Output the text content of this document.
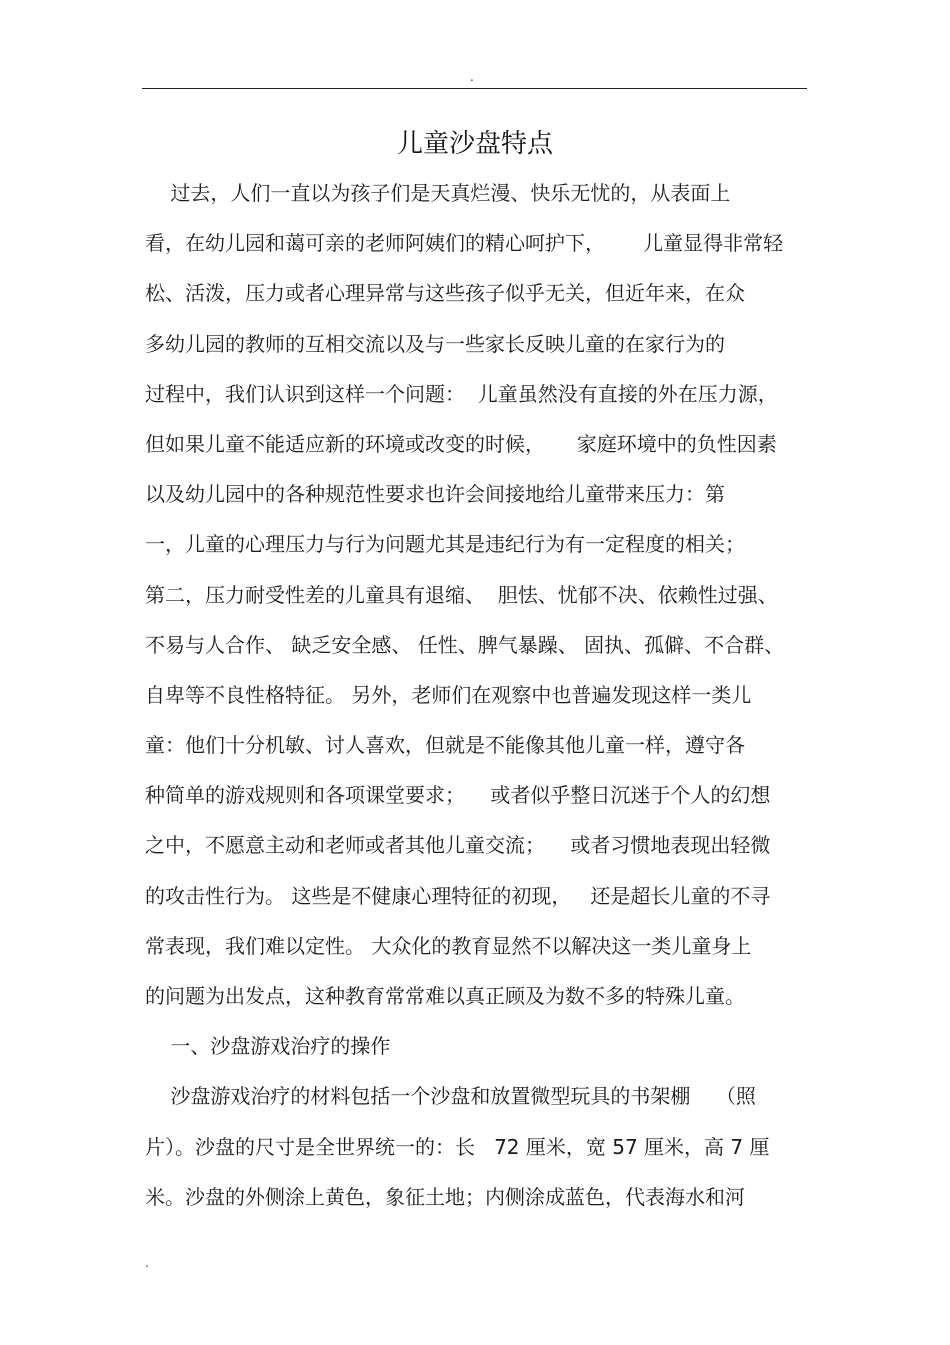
.
儿童沙盘特点
过去，人们一直以为孩子们是天真烂漫、快乐无忧的，从表面上
看，在幼儿园和蔼可亲的老师阿姨们的精心呵护下，      儿童显得非常轻
松、活泼，压力或者心理异常与这些孩子似乎无关，但近年来，在众
多幼儿园的教师的互相交流以及与一些家长反映儿童的在家行为的
过程中，我们认识到这样一个问题：  儿童虽然没有直接的外在压力源，
但如果儿童不能适应新的环境或改变的时候，     家庭环境中的负性因素
以及幼儿园中的各种规范性要求也许会间接地给儿童带来压力：第
一，儿童的心理压力与行为问题尤其是违纪行为有一定程度的相关；
第二，压力耐受性差的儿童具有退缩、  胆怯、忧郁不决、依赖性过强、
不易与人合作、 缺乏安全感、 任性、脾气暴躁、 固执、孤僻、不合群、
自卑等不良性格特征。 另外，老师们在观察中也普遍发现这样一类儿
童：他们十分机敏、讨人喜欢，但就是不能像其他儿童一样，遵守各
种简单的游戏规则和各项课堂要求；    或者似乎整日沉迷于个人的幻想
之中，不愿意主动和老师或者其他儿童交流；    或者习惯地表现出轻微
的攻击性行为。 这些是不健康心理特征的初现，   还是超长儿童的不寻
常表现，我们难以定性。 大众化的教育显然不以解决这一类儿童身上
的问题为出发点，这种教育常常难以真正顾及为数不多的特殊儿童。
一、沙盘游戏治疗的操作
沙盘游戏治疗的材料包括一个沙盘和放置微型玩具的书架棚    （照
片）。沙盘的尺寸是全世界统一的：长   72 厘米，宽 57 厘米，高 7 厘
米。沙盘的外侧涂上黄色，象征土地；内侧涂成蓝色，代表海水和河
.
